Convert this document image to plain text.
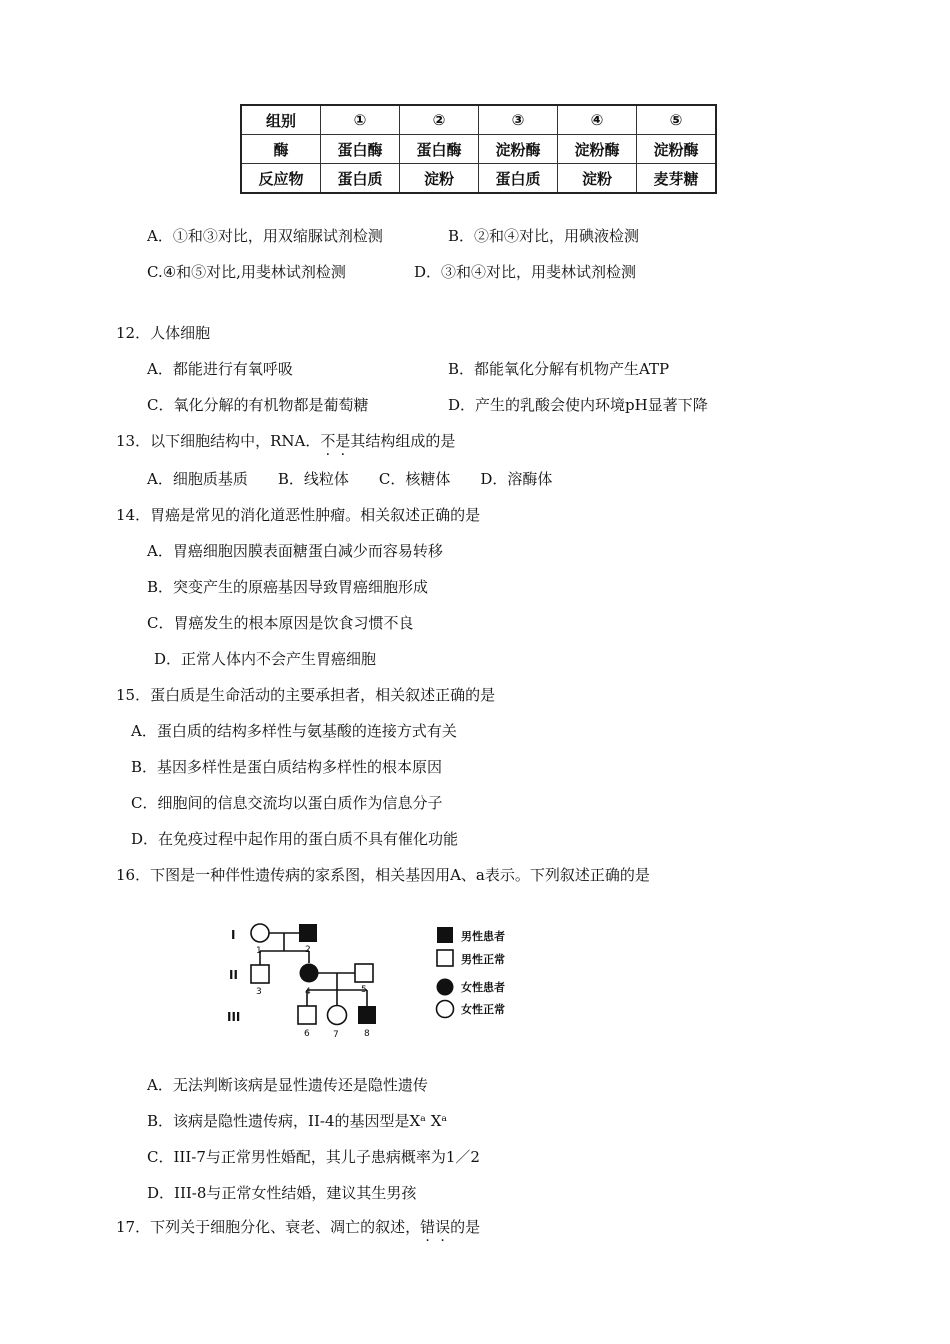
组别	①	②	③	④	⑤
酶	蛋白酶	蛋白酶	淀粉酶	淀粉酶	淀粉酶
反应物	蛋白质	淀粉	蛋白质	淀粉	麦芽糖
A．①和③对比，用双缩脲试剂检测	B．②和④对比，用碘液检测
C.④和⑤对比,用斐林试剂检测	D．③和④对比，用斐林试剂检测
12．人体细胞
A．都能进行有氧呼吸	B．都能氧化分解有机物产生ATP
C．氧化分解的有机物都是葡萄糖	D．产生的乳酸会使内环境pH显著下降
13．以下细胞结构中，RNA．不是其结构组成的是
A．细胞质基质　　B．线粒体　　C．核糖体　　D．溶酶体
14．胃癌是常见的消化道恶性肿瘤。相关叙述正确的是
A．胃癌细胞因膜表面糖蛋白减少而容易转移
B．突变产生的原癌基因导致胃癌细胞形成
C．胃癌发生的根本原因是饮食习惯不良
D．正常人体内不会产生胃癌细胞
15．蛋白质是生命活动的主要承担者，相关叙述正确的是
A．蛋白质的结构多样性与氨基酸的连接方式有关
B．基因多样性是蛋白质结构多样性的根本原因
C．细胞间的信息交流均以蛋白质作为信息分子
D．在免疫过程中起作用的蛋白质不具有催化功能
16．下图是一种伴性遗传病的家系图，相关基因用A、a表示。下列叙述正确的是
I
II
III
1	2
3	4	5
6	7	8
男性患者
男性正常
女性患者
女性正常
A．无法判断该病是显性遗传还是隐性遗传
B．该病是隐性遗传病，II-4的基因型是Xᵃ Xᵃ
C．III-7与正常男性婚配，其儿子患病概率为1／2
D．III-8与正常女性结婚，建议其生男孩
17．下列关于细胞分化、衰老、凋亡的叙述，错误的是
